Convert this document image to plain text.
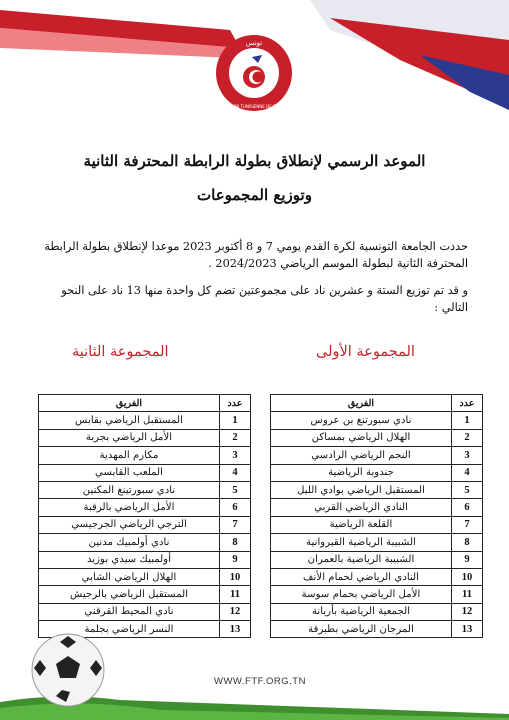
تونس
FEDERATION TUNISIENNE DE FOOTBALL
الموعد الرسمي لإنطلاق بطولة الرابطة المحترفة الثانية
وتوزيع المجموعات
حددت الجامعة التونسية لكرة القدم يومي 7 و 8 أكتوبر 2023 موعدا لإنطلاق بطولة الرابطة المحترفة الثانية لبطولة الموسم الرياضي 2024/2023 .
و قد تم توزيع الستة و عشرين ناد على مجموعتين تضم كل واحدة منها 13 ناد على النحو التالي :
المجموعة الأولى
المجموعة الثانية
عدد	الفريق
1	نادي سبورتنغ بن عروس
2	الهلال الرياضي بمساكن
3	النجم الرياضي الرادسي
4	جندوبة الرياضية
5	المستقبل الرياضي بوادي الليل
6	النادي الرياضي القربي
7	القلعة الرياضية
8	الشبيبة الرياضية القيروانية
9	الشبيبة الرياضية بالعمران
10	النادي الرياضي لحمام الأنف
11	الأمل الرياضي بحمام سوسة
12	الجمعية الرياضية بأريانة
13	المرجان الرياضي بطبرقة
عدد	الفريق
1	المستقبل الرياضي بقابس
2	الأمل الرياضي بجربة
3	مكارم المهدية
4	الملعب القابسي
5	نادي سبورتينغ المكنين
6	الأمل الرياضي بالرقبة
7	الترجي الرياضي الجرجيسي
8	نادي أولمبيك مدنين
9	أولمبيك سيدي بوزيد
10	الهلال الرياضي الشابي
11	المستقبل الرياضي بالرجيش
12	نادي المحيط القرقني
13	النسر الرياضي بجلمة
WWW.FTF.ORG.TN
